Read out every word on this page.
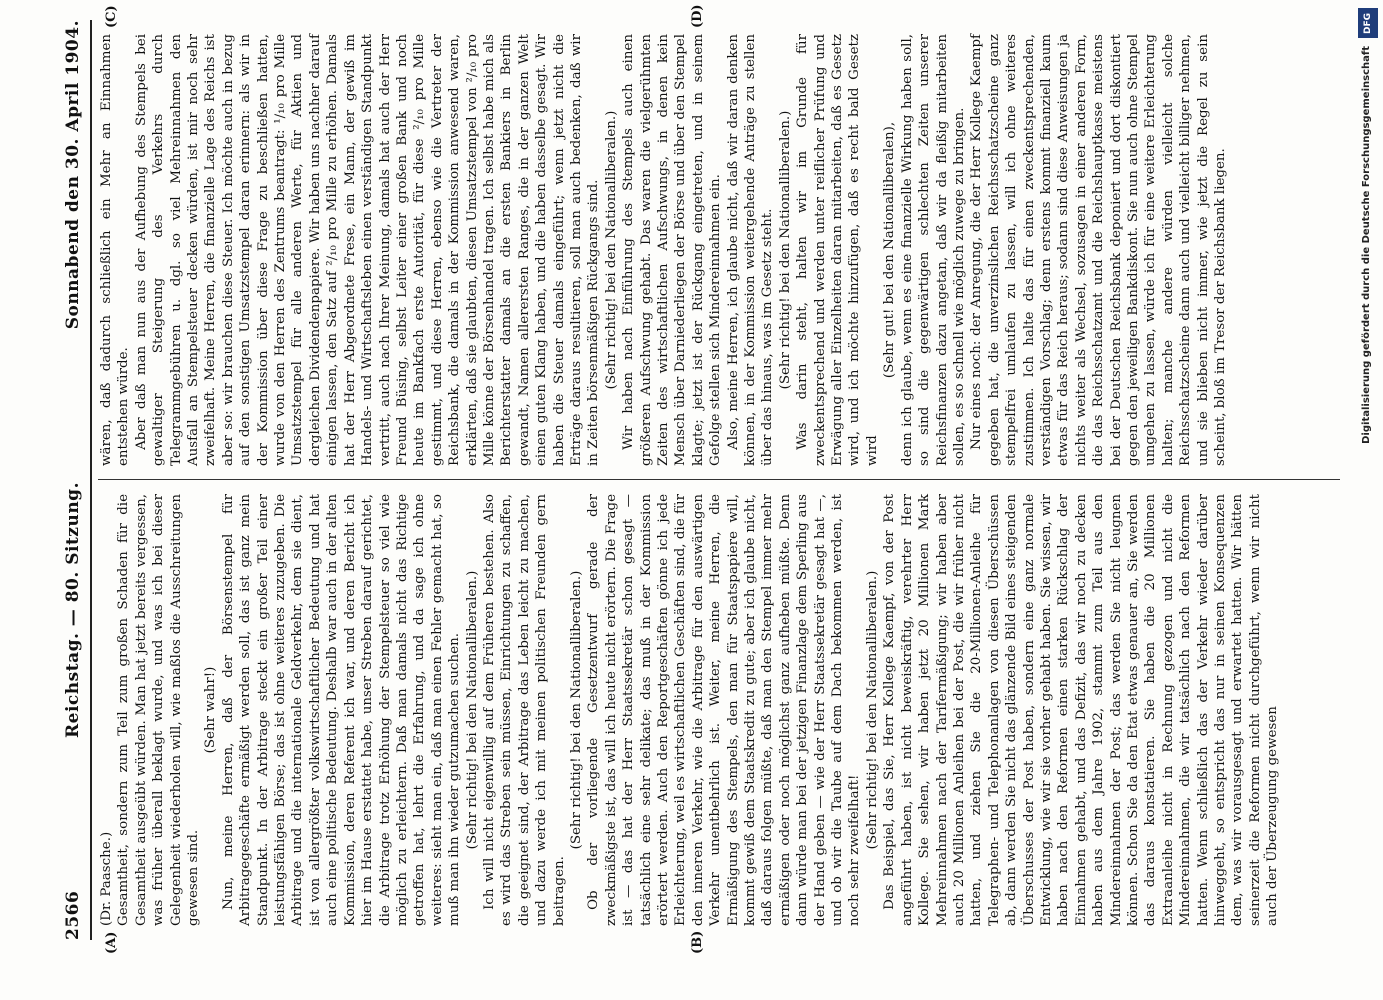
2566
Reichstag. — 80. Sitzung.
Sonnabend den 30. April 1904.
(A)	(B)
(C)	(D)

(Dr. Paasche.) Gesamtheit, sondern zum Teil zum großen Schaden für die Gesamtheit ausgeübt würden. Man hat jetzt bereits vergessen, was früher überall beklagt wurde, und was ich bei dieser Gelegenheit wiederholen will, wie maßlos die Ausschreitungen gewesen sind.

(Sehr wahr!) Nun, meine Herren, daß der Börsenstempel für Arbitragegeschäfte ermäßigt werden soll, das ist ganz mein Standpunkt. In der Arbitrage steckt ein großer Teil einer leistungsfähigen Börse; das ist ohne weiteres zuzugeben. Die Arbitrage und die internationale Geldverkehr, dem sie dient, ist von allergrößter volkswirtschaftlicher Bedeutung und hat auch eine politische Bedeutung. Deshalb war auch in der alten Kommission, deren Referent ich war, und deren Bericht ich hier im Hause erstattet habe, unser Streben darauf gerichtet, die Arbitrage trotz Erhöhung der Stempelsteuer so viel wie möglich zu erleichtern. Daß man damals nicht das Richtige getroffen hat, lehrt die Erfahrung, und da sage ich ohne weiteres: sieht man ein, daß man einen Fehler gemacht hat, so muß man ihn wieder gutzumachen suchen. (Sehr richtig! bei den Nationalliberalen.) Ich will nicht eigenwillig auf dem Früheren bestehen. Also es wird das Streben sein müssen, Einrichtungen zu schaffen, die geeignet sind, der Arbitrage das Leben leicht zu machen, und dazu werde ich mit meinen politischen Freunden gern beitragen.

(Sehr richtig! bei den Nationalliberalen.) Ob der vorliegende Gesetzentwurf gerade der zweckmäßigste ist, das will ich heute nicht erörtern. Die Frage ist — das hat der Herr Staatssekretär schon gesagt — tatsächlich eine sehr delikate; das muß in der Kommission erörtert werden. Auch den Reportgeschäften gönne ich jede Erleichterung, weil es wirtschaftlichen Geschäften sind, die für den inneren Verkehr, wie die Arbitrage für den auswärtigen Verkehr unentbehrlich ist. Weiter, meine Herren, die Ermäßigung des Stempels, den man für Staatspapiere will, kommt gewiß dem Staatskredit zu gute; aber ich glaube nicht, daß daraus folgen müßte, daß man den Stempel immer mehr ermäßigen oder noch möglichst ganz aufheben müßte. Denn dann würde man bei der jetzigen Finanzlage dem Sperling aus der Hand geben — wie der Herr Staatssekretär gesagt hat —, und ob wir die Taube auf dem Dach bekommen werden, ist noch sehr zweifelhaft!

(Sehr richtig! bei den Nationalliberalen.) Das Beispiel, das Sie, Herr Kollege Kaempf, von der Post angeführt haben, ist nicht beweiskräftig, verehrter Herr Kollege. Sie sehen, wir haben jetzt 20 Millionen Mark Mehreinnahmen nach der Tarifermäßigung; wir haben aber auch 20 Millionen Anleihen bei der Post, die wir früher nicht hatten, und ziehen Sie die 20-Millionen-Anleihe für Telegraphen- und Telephonanlagen von diesen Überschüssen ab, dann werden Sie nicht das glänzende Bild eines steigenden Überschusses der Post haben, sondern eine ganz normale Entwicklung, wie wir sie vorher gehabt haben. Sie wissen, wir haben nach den Reformen einen starken Rückschlag der Einnahmen gehabt, und das Defizit, das wir noch zu decken haben aus dem Jahre 1902, stammt zum Teil aus den Mindereinnahmen der Post; das werden Sie nicht leugnen können. Schon Sie da den Etat etwas genauer an, Sie werden das daraus konstatieren. Sie haben die 20 Millionen Extraanleihe nicht in Rechnung gezogen und nicht die Mindereinnahmen, die wir tatsächlich nach den Reformen hatten. Wenn schließlich das der Verkehr wieder darüber hinweggeht, so entspricht das nur in seinen Konsequenzen dem, was wir vorausgesagt und erwartet hatten. Wir hätten seinerzeit die Reformen nicht durchgeführt, wenn wir nicht auch der Überzeugung gewesen

wären, daß dadurch schließlich ein Mehr an Einnahmen entstehen würde. Aber daß man nun aus der Aufhebung des Stempels bei gewaltiger Steigerung des Verkehrs durch Telegrammgebühren u. dgl. so viel Mehreinnahmen den Ausfall an Stempelsteuer decken würden, ist mir noch sehr zweifelhaft. Meine Herren, die finanzielle Lage des Reichs ist aber so: wir brauchen diese Steuer. Ich möchte auch in bezug auf den sonstigen Umsatzstempel daran erinnern: als wir in der Kommission über diese Frage zu beschließen hatten, wurde von den Herren des Zentrums beantragt: ¹/₁₀ pro Mille Umsatzstempel für alle anderen Werte, für Aktien und dergleichen Dividendenpapiere. Wir haben uns nachher darauf einigen lassen, den Satz auf ²/₁₀ pro Mille zu erhöhen. Damals hat der Herr Abgeordnete Frese, ein Mann, der gewiß im Handels- und Wirtschaftsleben einen verständigen Standpunkt vertritt, auch nach Ihrer Meinung, damals hat auch der Herr Freund Büsing, selbst Leiter einer großen Bank und noch heute im Bankfach erste Autorität, für diese ²/₁₀ pro Mille gestimmt, und diese Herren, ebenso wie die Vertreter der Reichsbank, die damals in der Kommission anwesend waren, erklärten, daß sie glaubten, diesen Umsatzstempel von ²/₁₀ pro Mille könne der Börsenhandel tragen. Ich selbst habe mich als Berichterstatter damals an die ersten Bankiers in Berlin gewandt, Namen allerersten Ranges, die in der ganzen Welt einen guten Klang haben, und die haben dasselbe gesagt. Wir haben die Steuer damals eingeführt; wenn jetzt nicht die Erträge daraus resultieren, soll man auch bedenken, daß wir in Zeiten börsenmäßigen Rückgangs sind. (Sehr richtig! bei den Nationalliberalen.) Wir haben nach Einführung des Stempels auch einen größeren Aufschwung gehabt. Das waren die vielgerühmten Zeiten des wirtschaftlichen Aufschwungs, in denen kein Mensch über Darniederliegen der Börse und über den Stempel klagte; jetzt ist der Rückgang eingetreten, und in seinem Gefolge stellen sich Mindereinnahmen ein. Also, meine Herren, ich glaube nicht, daß wir daran denken können, in der Kommission weitergehende Anträge zu stellen über das hinaus, was im Gesetz steht. (Sehr richtig! bei den Nationalliberalen.) Was darin steht, halten wir im Grunde für zweckentsprechend und werden unter reiflicher Prüfung und Erwägung aller Einzelheiten daran mitarbeiten, daß es Gesetz wird, und ich möchte hinzufügen, daß es recht bald Gesetz wird

(Sehr gut! bei den Nationalliberalen), denn ich glaube, wenn es eine finanzielle Wirkung haben soll, so sind die gegenwärtigen schlechten Zeiten unserer Reichsfinanzen dazu angetan, daß wir da fleißig mitarbeiten sollen, es so schnell wie möglich zuwege zu bringen. Nur eines noch: der Anregung, die der Herr Kollege Kaempf gegeben hat, die unverzinslichen Reichsschatzscheine ganz stempelfrei umlaufen zu lassen, will ich ohne weiteres zustimmen. Ich halte das für einen zweckentsprechenden, verständigen Vorschlag; denn erstens kommt finanziell kaum etwas für das Reich heraus; sodann sind diese Anweisungen ja nichts weiter als Wechsel, sozusagen in einer anderen Form, die das Reichsschatzamt und die Reichshauptkasse meistens bei der Deutschen Reichsbank deponiert und dort diskontiert gegen den jeweiligen Bankdiskont. Sie nun auch ohne Stempel umgehen zu lassen, würde ich für eine weitere Erleichterung halten; manche andere würden vielleicht solche Reichsschatzscheine dann auch und vielleicht billiger nehmen, und sie blieben nicht immer, wie jetzt die Regel zu sein scheint, bloß im Tresor der Reichsbank liegen.

DFG
Digitalisierung gefördert durch die Deutsche Forschungsgemeinschaft
